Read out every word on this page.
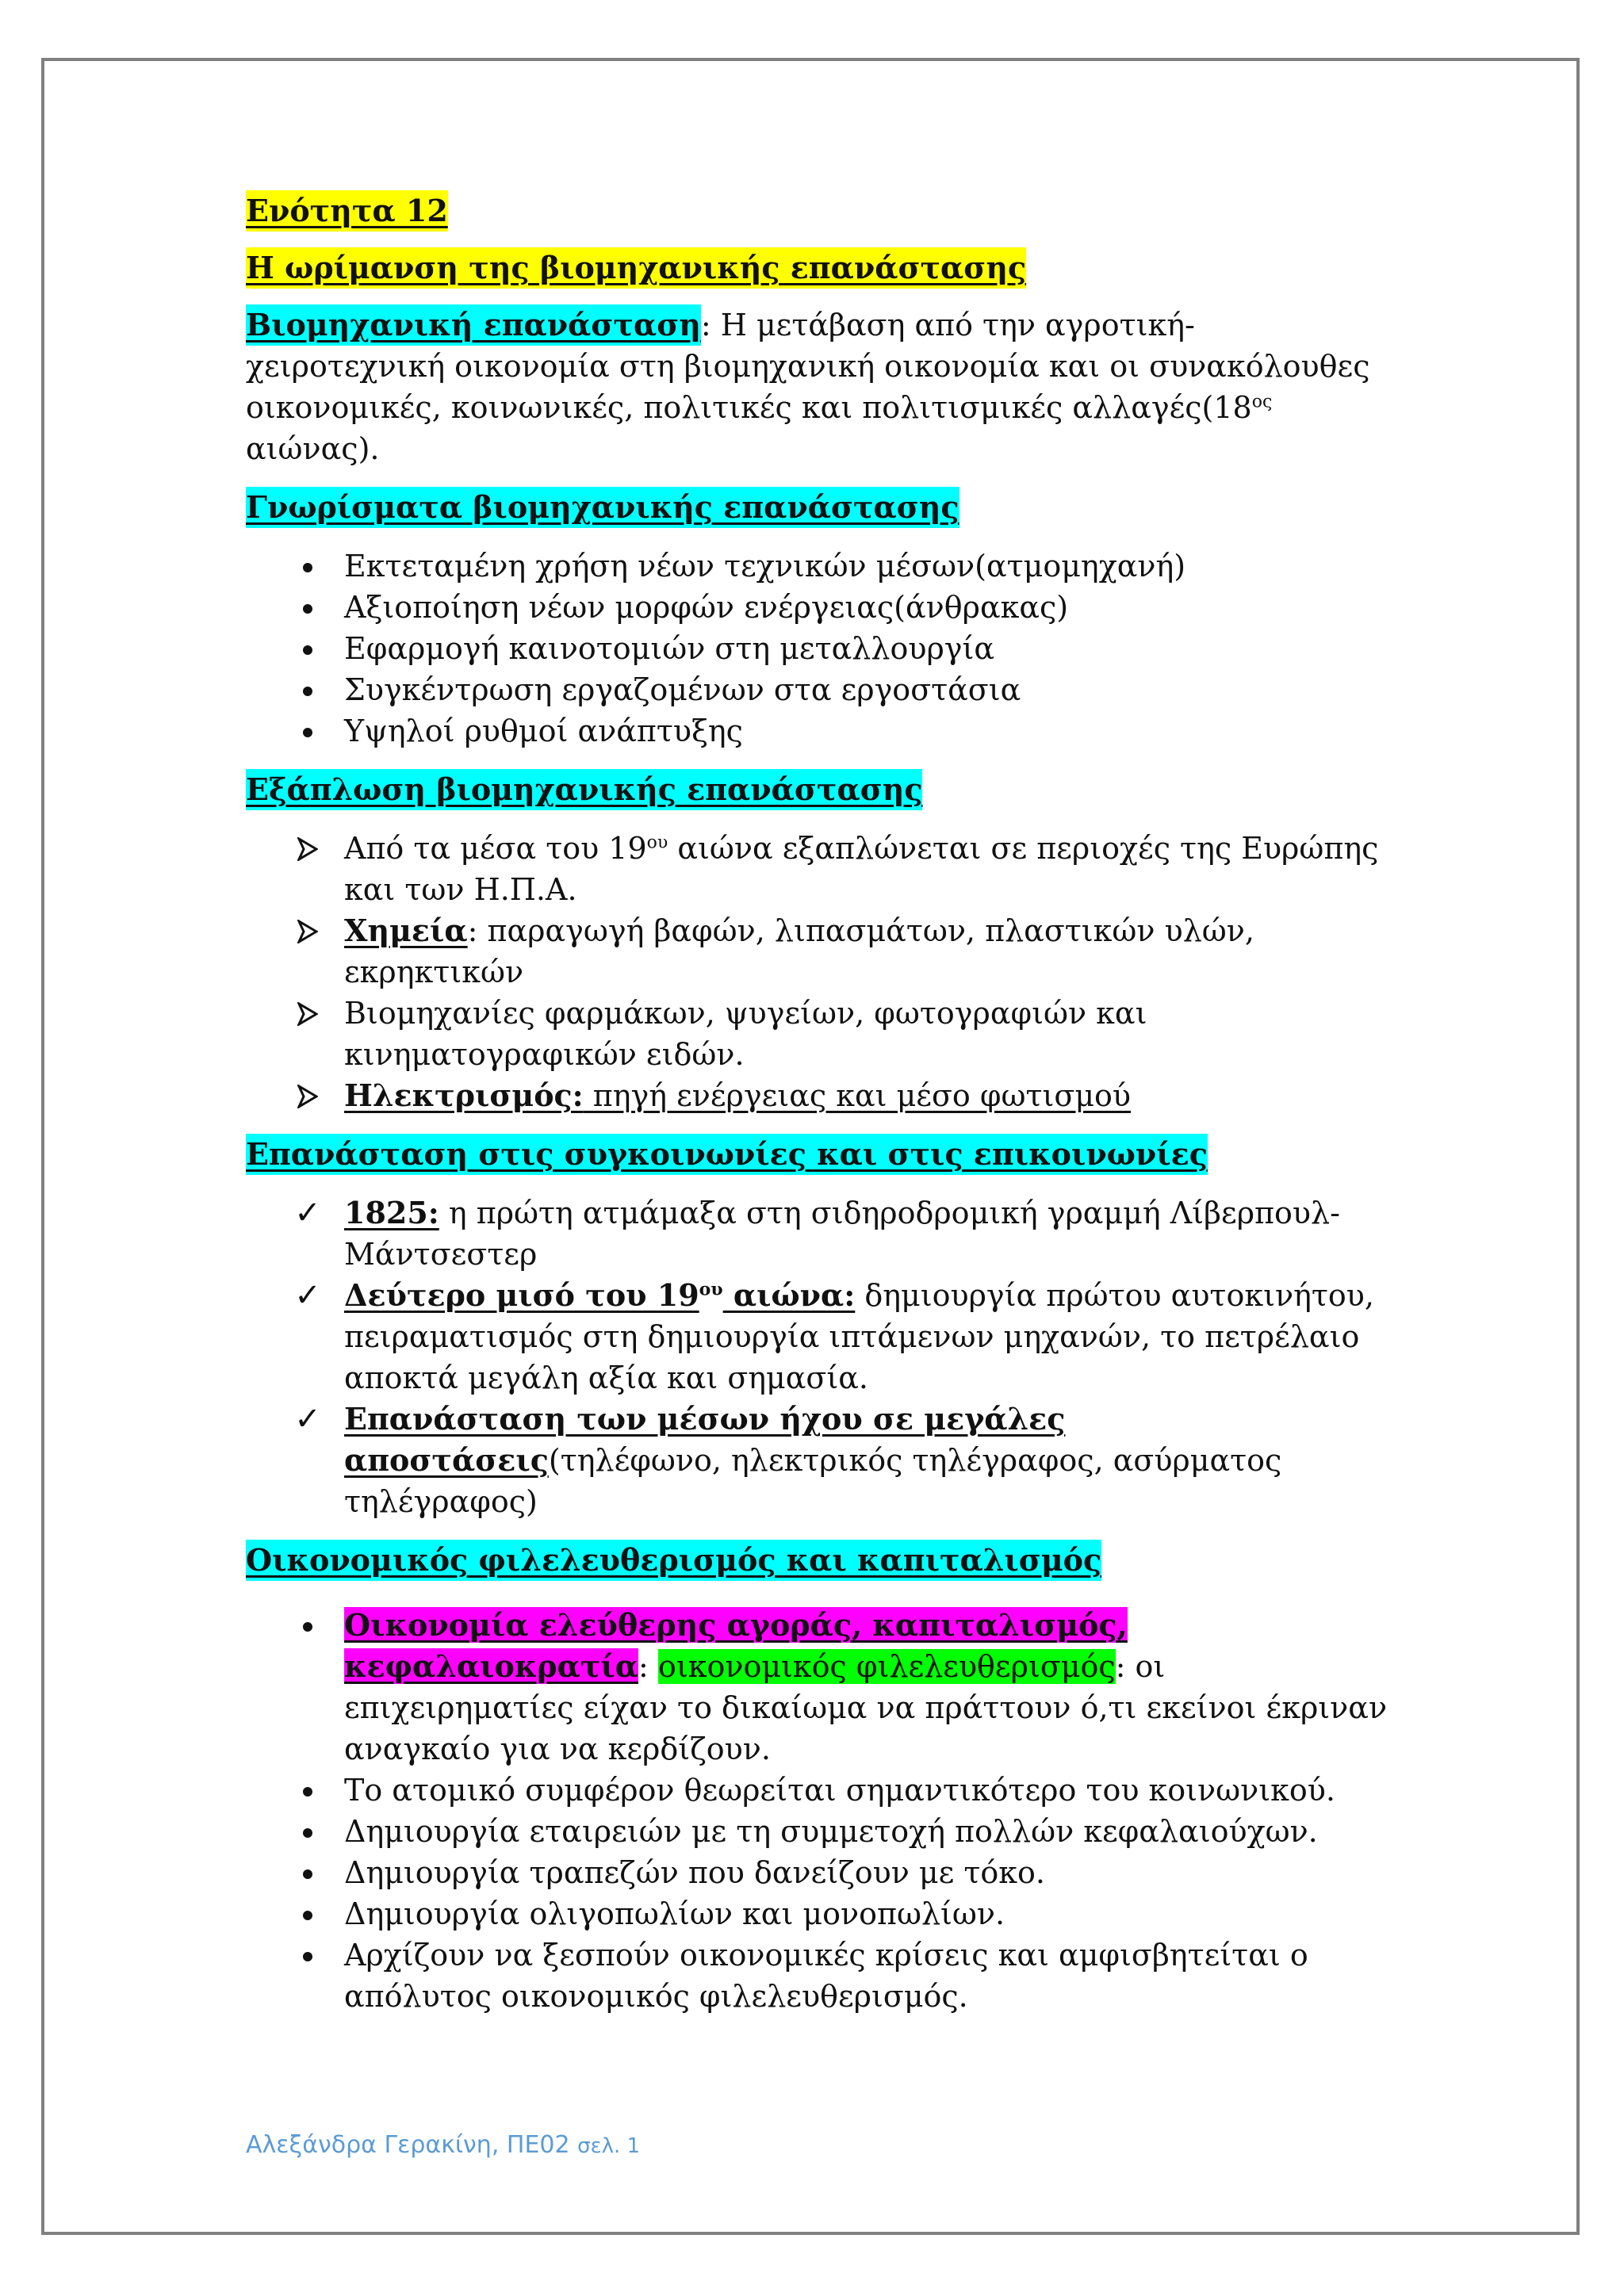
Ενότητα 12
Η ωρίμανση της βιομηχανικής επανάστασης

Βιομηχανική επανάσταση: Η μετάβαση από την αγροτική-χειροτεχνική οικονομία στη βιομηχανική οικονομία και οι συνακόλουθες οικονομικές, κοινωνικές, πολιτικές και πολιτισμικές $\alpha\lambda\lambda\alpha\gamma έ\varsigma(18^{o\varsigma}$ αιώνας).

Γνωρίσματα βιομηχανικής επανάστασης
Εκτεταμένη χρήση νέων τεχνικών μέσων(ατμομηχανή)
Αξιοποίηση νέων μορφών ενέργειας(άνθρακας)
Εφαρμογή καινοτομιών στη μεταλλουργία
Συγκέντρωση εργαζομένων στα εργοστάσια
Υψηλοί ρυθμοί ανάπτυξης
Εξάπλωση βιομηχανικής επανάστασης
Από τα μέσα του $19^{o\upsilon}$ αιώνα εξαπλώνεται σε περιοχές της Ευρώπης και των Η.Π.Α.
Χημεία: παραγωγή βαφών, λιπασμάτων, πλαστικών υλών, εκρηκτικών
Βιομηχανίες φαρμάκων, ψυγείων, φωτογραφιών και κινηματογραφικών ειδών.
Ηλεκτρισμός: πηγή ενέργειας και μέσο φωτισμού
Επανάσταση στις συγκοινωνίες και στις επικοινωνίες
✓ 1825: η πρώτη ατμάμαξα στη σιδηροδρομική γραμμή Λίβερπουλ-Μάντσεστερ
✓ Δεύτερο μισό του $19^{o\upsilon}$ αιώνα: δημιουργία πρώτου αυτοκινήτου, πειραματισμός στη δημιουργία ιπτάμενων μηχανών, το πετρέλαιο αποκτά μεγάλη αξία και σημασία.
✓ Επανάσταση των μέσων ήχου σε μεγάλες αποστάσεις(τηλέφωνο, ηλεκτρικός τηλέγραφος, ασύρματος τηλέγραφος)
Οικονομικός φιλελευθερισμός και καπιταλισμός
Οικονομία ελεύθερης αγοράς, καπιταλισμός, κεφαλαιοκρατία: οικονομικός φιλελευθερισμός: οι επιχειρηματίες είχαν το δικαίωμα να πράττουν ό,τι εκείνοι έκριναν αναγκαίο για να κερδίζουν.
Το ατομικό συμφέρον θεωρείται σημαντικότερο του κοινωνικού.
Δημιουργία εταιρειών με τη συμμετοχή πολλών κεφαλαιούχων.
Δημιουργία τραπεζών που δανείζουν με τόκο.
Δημιουργία ολιγοπωλίων και μονοπωλίων.
Αρχίζουν να ξεσπούν οικονομικές κρίσεις και αμφισβητείται ο απόλυτος οικονομικός φιλελευθερισμός.
Αλεξάνδρα Γερακίνη, ΠΕ02 σελ. 1
